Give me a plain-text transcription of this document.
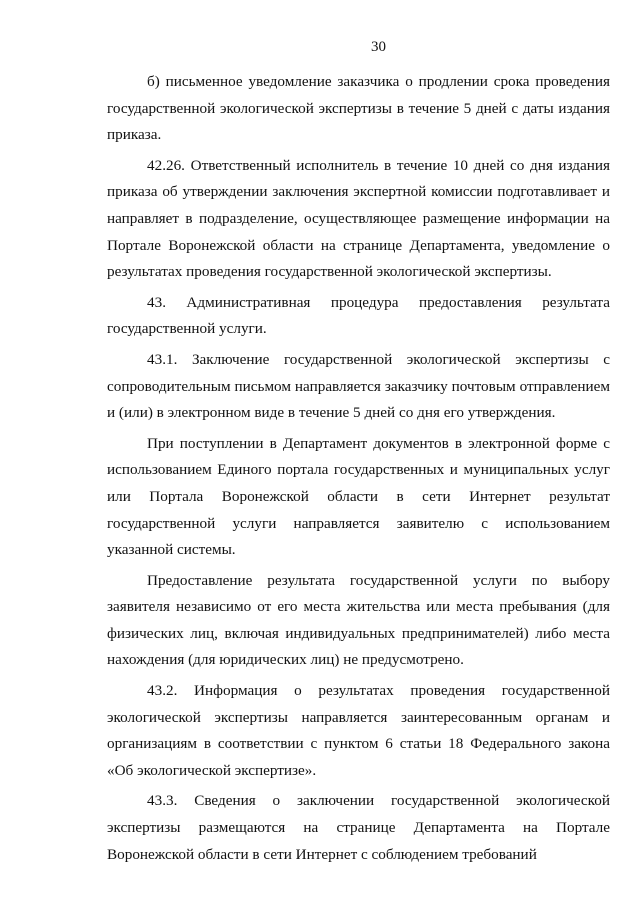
30

б) письменное уведомление заказчика о продлении срока проведения государственной экологической экспертизы в течение 5 дней с даты издания приказа.

42.26. Ответственный исполнитель в течение 10 дней со дня издания приказа об утверждении заключения экспертной комиссии подготавливает и направляет в подразделение, осуществляющее размещение информации на Портале Воронежской области на странице Департамента, уведомление о результатах проведения государственной экологической экспертизы.

43. Административная процедура предоставления результата государственной услуги.

43.1. Заключение государственной экологической экспертизы с сопроводительным письмом направляется заказчику почтовым отправлением и (или) в электронном виде в течение 5 дней со дня его утверждения.

При поступлении в Департамент документов в электронной форме с использованием Единого портала государственных и муниципальных услуг или Портала Воронежской области в сети Интернет результат государственной услуги направляется заявителю с использованием указанной системы.

Предоставление результата государственной услуги по выбору заявителя независимо от его места жительства или места пребывания (для физических лиц, включая индивидуальных предпринимателей) либо места нахождения (для юридических лиц) не предусмотрено.

43.2. Информация о результатах проведения государственной экологической экспертизы направляется заинтересованным органам и организациям в соответствии с пунктом 6 статьи 18 Федерального закона «Об экологической экспертизе».

43.3. Сведения о заключении государственной экологической экспертизы размещаются на странице Департамента на Портале Воронежской области в сети Интернет с соблюдением требований
